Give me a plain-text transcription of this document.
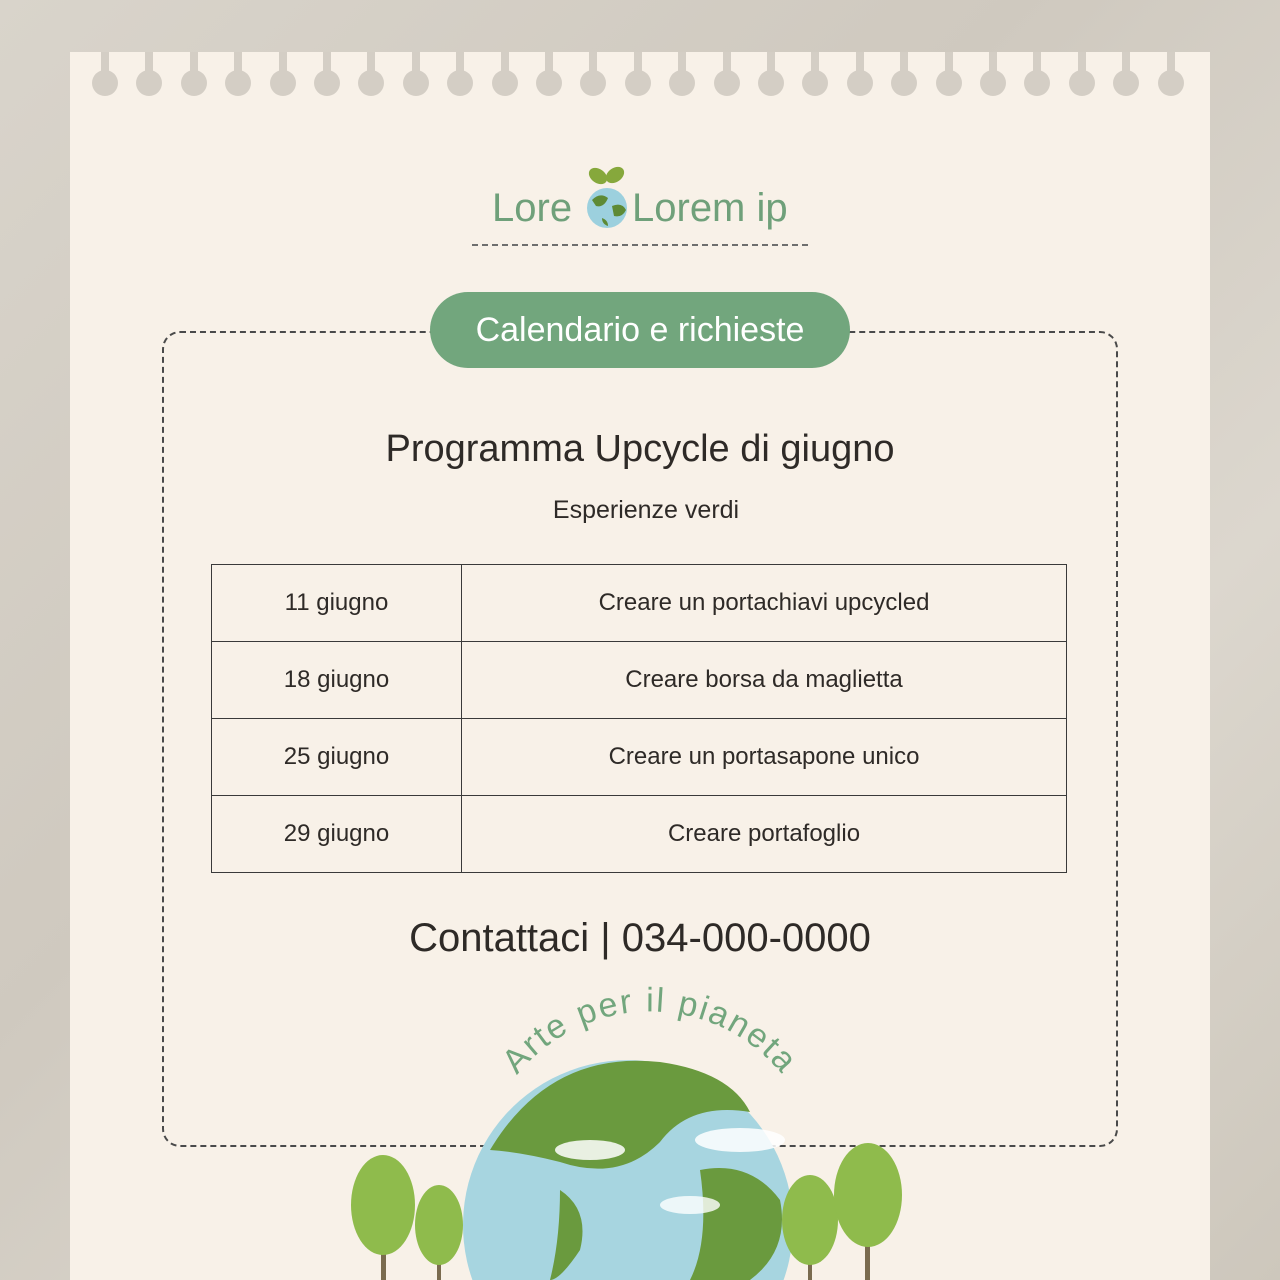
Lore Lorem ip
Calendario e richieste
Programma Upcycle di giugno
Esperienze verdi
11 giugno	Creare un portachiavi upcycled
18 giugno	Creare borsa da maglietta
25 giugno	Creare un portasapone unico
29 giugno	Creare portafoglio
Contattaci | 034-000-0000
Arte per il pianeta
